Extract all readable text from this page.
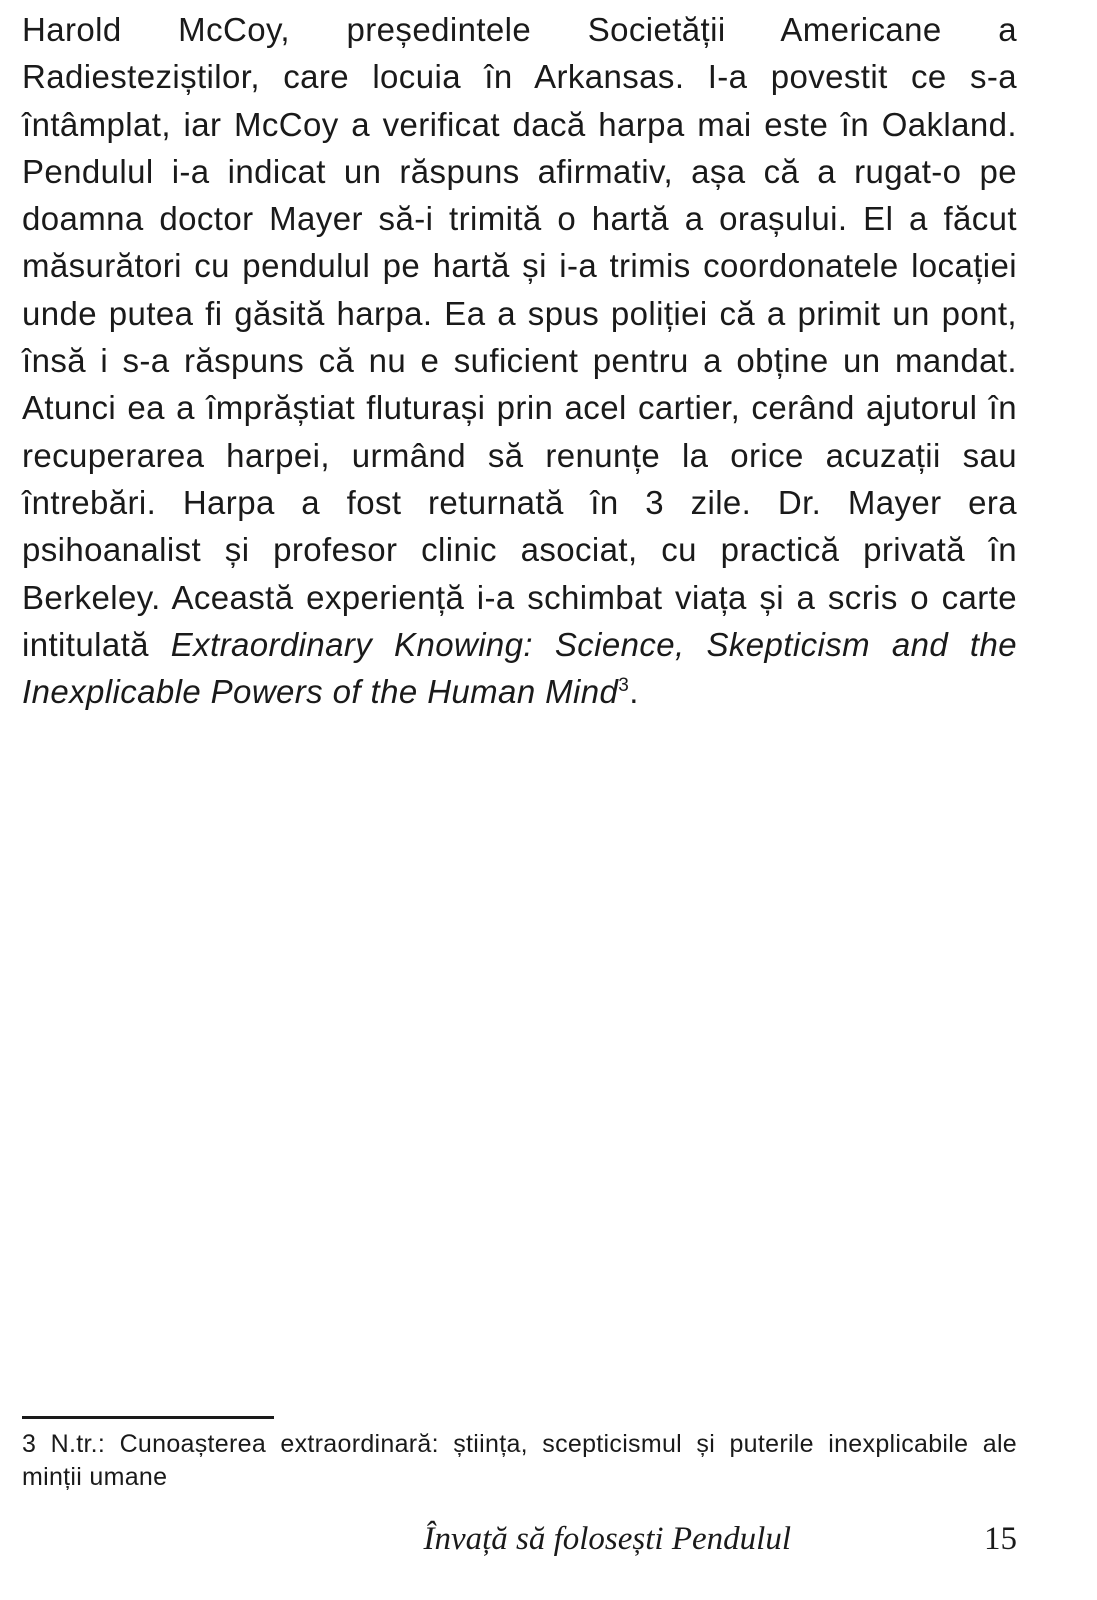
Harold McCoy, președintele Societății Americane a Radiesteziștilor, care locuia în Arkansas. I-a povestit ce s-a întâmplat, iar McCoy a verificat dacă harpa mai este în Oakland. Pendulul i-a indicat un răspuns afirmativ, așa că a rugat-o pe doamna doctor Mayer să-i trimită o hartă a orașului. El a făcut măsurători cu pendulul pe hartă și i-a trimis coordonatele locației unde putea fi găsită harpa. Ea a spus poliției că a primit un pont, însă i s-a răspuns că nu e suficient pentru a obține un mandat. Atunci ea a împrăștiat fluturași prin acel cartier, cerând ajutorul în recuperarea harpei, urmând să renunțe la orice acuzații sau întrebări. Harpa a fost returnată în 3 zile. Dr. Mayer era psihoanalist și profesor clinic asociat, cu practică privată în Berkeley. Această experiență i-a schimbat viața și a scris o carte intitulată Extraordinary Knowing: Science, Skepticism and the Inexplicable Powers of the Human Mind$^3$.

3 N.tr.: Cunoașterea extraordinară: știința, scepticismul și puterile inexplicabile ale minții umane

Învață să folosești Pendulul	15
